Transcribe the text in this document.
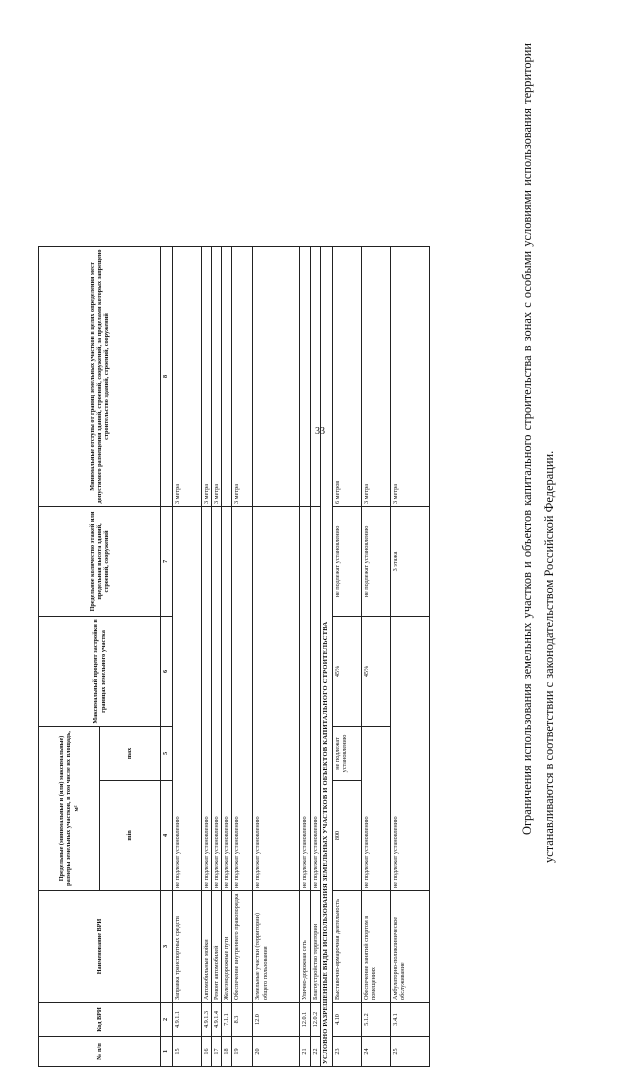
33
№ п/п	Код ВРИ	Наименование ВРИ	Предельные (минимальные и (или) максимальные) размеры земельных участков, в том числе их площадь, м²		Максимальный процент застройки в границах земельного участка	Предельное количество этажей или предельная высота зданий, строений, сооружений	Минимальные отступы от границ земельных участков в целях определения мест допустимого размещения зданий, строений, сооружений, за пределами которых запрещено строительство зданий, строений, сооружений
			min	max			
1	2	3	4	5	6	7	8
15	4.9.1.1	Заправка транспортных средств	не подлежат установлению				3 метра
16	4.9.1.3	Автомобильные мойки	не подлежат установлению				3 метра
17	4.9.1.4	Ремонт автомобилей	не подлежат установлению				3 метра
18	7.1.1	Железнодорожные пути	не подлежат установлению				
19	8.3	Обеспечение внутреннего правопорядка	не подлежат установлению				3 метра
20	12.0	Земельные участки (территории) общего пользования	не подлежат установлению				
21	12.0.1	Улично-дорожная сеть	не подлежат установлению				
22	12.0.2	Благоустройство территории	не подлежат установлению				
УСЛОВНО РАЗРЕШЕННЫЕ ВИДЫ ИСПОЛЬЗОВАНИЯ ЗЕМЕЛЬНЫХ УЧАСТКОВ И ОБЪЕКТОВ КАПИТАЛЬНОГО СТРОИТЕЛЬСТВА							
23	4.10	Выставочно-ярмарочная деятельность	800	не подлежат установлению	45%	не подлежат установлению	6 метров
24	5.1.2	Обеспечение занятий спортом в помещениях	не подлежат установлению		45%	не подлежат установлению	3 метра
25	3.4.1	Амбулаторно-поликлиническое обслуживание	не подлежат установлению			3 этажа	3 метра	Ограничения использования земельных участков и объектов капитального строительства в зонах с особыми условиями использования территории устанавливаются в соответствии с законодательством Российской Федерации.
